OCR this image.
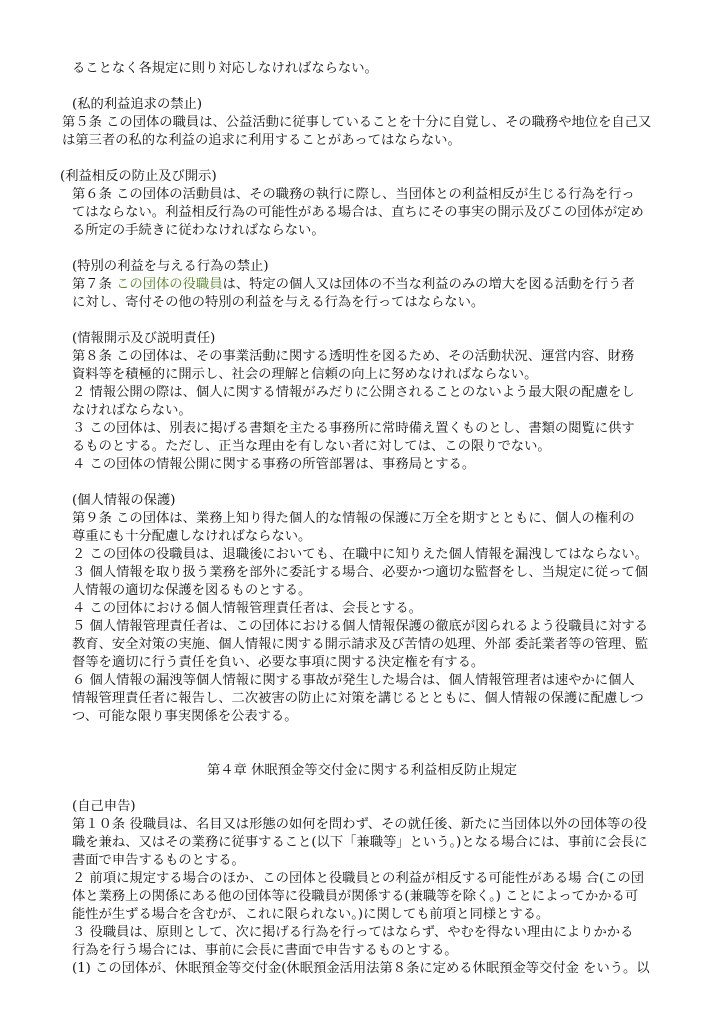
ることなく各規定に則り対応しなければならない。
(私的利益追求の禁止)
第５条 この団体の職員は、公益活動に従事していることを十分に自覚し、その職務や地位を自己又
は第三者の私的な利益の追求に利用することがあってはならない。
(利益相反の防止及び開示)
第６条 この団体の活動員は、その職務の執行に際し、当団体との利益相反が生じる行為を行っ
てはならない。利益相反行為の可能性がある場合は、直ちにその事実の開示及びこの団体が定め
る所定の手続きに従わなければならない。
(特別の利益を与える行為の禁止)
第７条 この団体の役職員は、特定の個人又は団体の不当な利益のみの増大を図る活動を行う者
に対し、寄付その他の特別の利益を与える行為を行ってはならない。
(情報開示及び説明責任)
第８条 この団体は、その事業活動に関する透明性を図るため、その活動状況、運営内容、財務
資料等を積極的に開示し、社会の理解と信頼の向上に努めなければならない。
２ 情報公開の際は、個人に関する情報がみだりに公開されることのないよう最大限の配慮をし
なければならない。
３ この団体は、別表に掲げる書類を主たる事務所に常時備え置くものとし、書類の閲覧に供す
るものとする。ただし、正当な理由を有しない者に対しては、この限りでない。
４ この団体の情報公開に関する事務の所管部署は、事務局とする。
(個人情報の保護)
第９条 この団体は、業務上知り得た個人的な情報の保護に万全を期すとともに、個人の権利の
尊重にも十分配慮しなければならない。
２ この団体の役職員は、退職後においても、在職中に知りえた個人情報を漏洩してはならない。
３ 個人情報を取り扱う業務を部外に委託する場合、必要かつ適切な監督をし、当規定に従って個
人情報の適切な保護を図るものとする。
４ この団体における個人情報管理責任者は、会長とする。
５ 個人情報管理責任者は、この団体における個人情報保護の徹底が図られるよう役職員に対する
教育、安全対策の実施、個人情報に関する開示請求及び苦情の処理、外部 委託業者等の管理、監
督等を適切に行う責任を負い、必要な事項に関する決定権を有する。
６ 個人情報の漏洩等個人情報に関する事故が発生した場合は、個人情報管理者は速やかに個人
情報管理責任者に報告し、二次被害の防止に対策を講じるとともに、個人情報の保護に配慮しつ
つ、可能な限り事実関係を公表する。
第４章 休眠預金等交付金に関する利益相反防止規定
(自己申告)
第１０条 役職員は、名目又は形態の如何を問わず、その就任後、新たに当団体以外の団体等の役
職を兼ね、又はその業務に従事すること(以下「兼職等」という。)となる場合には、事前に会長に
書面で申告するものとする。
２ 前項に規定する場合のほか、この団体と役職員との利益が相反する可能性がある場 合(この団
体と業務上の関係にある他の団体等に役職員が関係する(兼職等を除く。) ことによってかかる可
能性が生ずる場合を含むが、これに限られない。)に関しても前項と同様とする。
３ 役職員は、原則として、次に掲げる行為を行ってはならず、やむを得ない理由によりかかる
行為を行う場合には、事前に会長に書面で申告するものとする。
(1) この団体が、休眠預金等交付金(休眠預金活用法第８条に定める休眠預金等交付金 をいう。以
